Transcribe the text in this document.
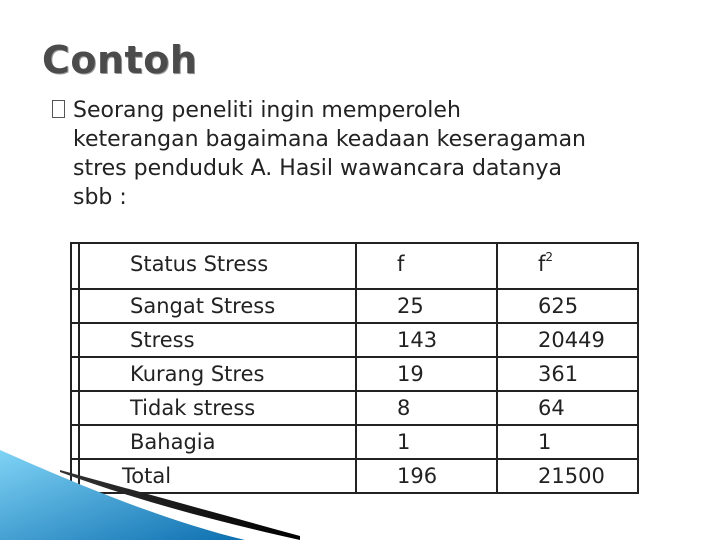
Contoh
Seorang peneliti ingin memperoleh
keterangan bagaimana keadaan keseragaman
stres penduduk A. Hasil wawancara datanya
sbb :

	Status Stress	f	$f^2$

	Sangat Stress	25	625

	Stress	143	20449

	Kurang Stres	19	361

	Tidak stress	8	64

	Bahagia	1	1

	Total	196	21500
